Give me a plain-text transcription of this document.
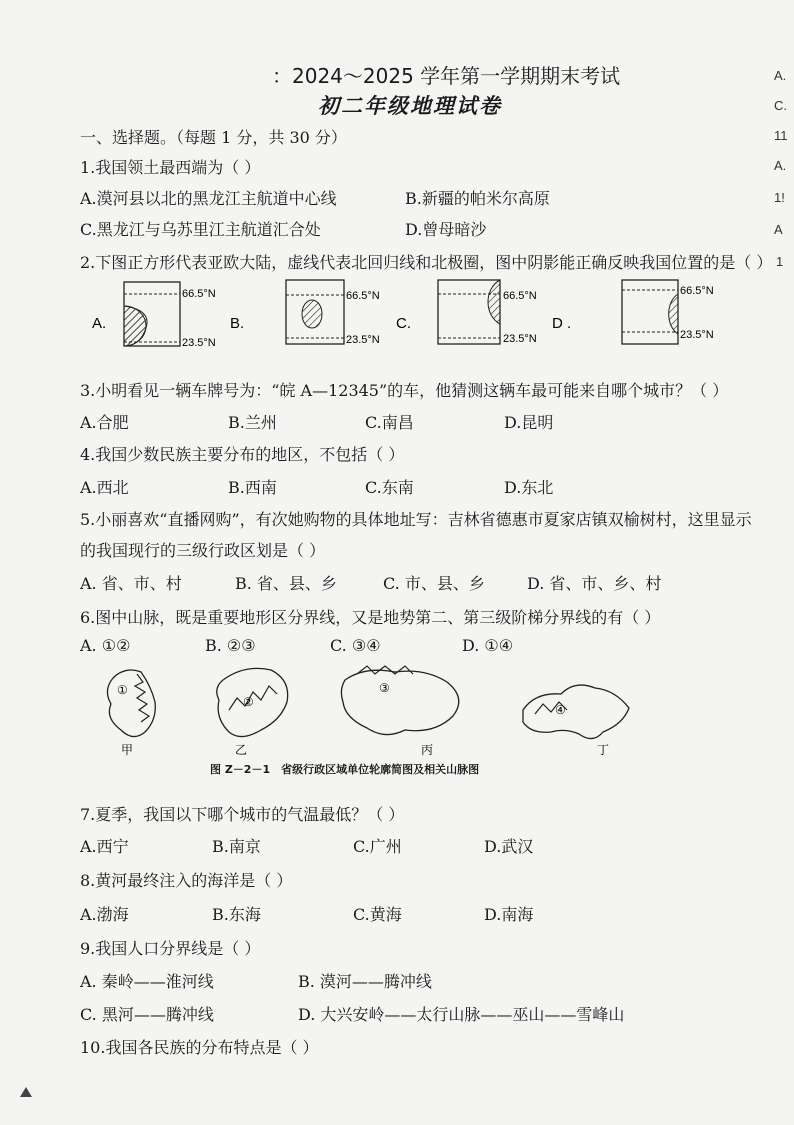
：2024～2025 学年第一学期期末考试
初二年级地理试卷
A.
C.
11
A.
1!
A
1
一、选择题。（每题 1 分，共 30 分）
1.我国领土最西端为（ ）
A.漠河县以北的黑龙江主航道中心线	B.新疆的帕米尔高原
C.黑龙江与乌苏里江主航道汇合处	D.曾母暗沙
2.下图正方形代表亚欧大陆，虚线代表北回归线和北极圈，图中阴影能正确反映我国位置的是（ ）
A.
66.5°N
23.5°N
B.
66.5°N
23.5°N
C.
66.5°N
23.5°N
D .
66.5°N
23.5°N
3.小明看见一辆车牌号为：“皖 A—12345”的车，他猜测这辆车最可能来自哪个城市？（ ）
A.合肥	B.兰州	C.南昌	D.昆明
4.我国少数民族主要分布的地区，不包括（ ）
A.西北	B.西南	C.东南	D.东北
5.小丽喜欢“直播网购”，有次她购物的具体地址写：吉林省德惠市夏家店镇双榆树村，这里显示
的我国现行的三级行政区划是（ ）
A. 省、市、村	B. 省、县、乡	C. 市、县、乡	D. 省、市、乡、村
6.图中山脉，既是重要地形区分界线，又是地势第二、第三级阶梯分界线的有（ ）
A. ①②	B. ②③	C. ③④	D. ①④
①
甲
②
乙
③
丙
④
丁
图 Z－2－1　省级行政区域单位轮廓简图及相关山脉图
7.夏季，我国以下哪个城市的气温最低？（ ）
A.西宁	B.南京	C.广州	D.武汉
8.黄河最终注入的海洋是（ ）
A.渤海	B.东海	C.黄海	D.南海
9.我国人口分界线是（ ）
A. 秦岭——淮河线	B. 漠河——腾冲线
C. 黑河——腾冲线	D. 大兴安岭——太行山脉——巫山——雪峰山
10.我国各民族的分布特点是（ ）
